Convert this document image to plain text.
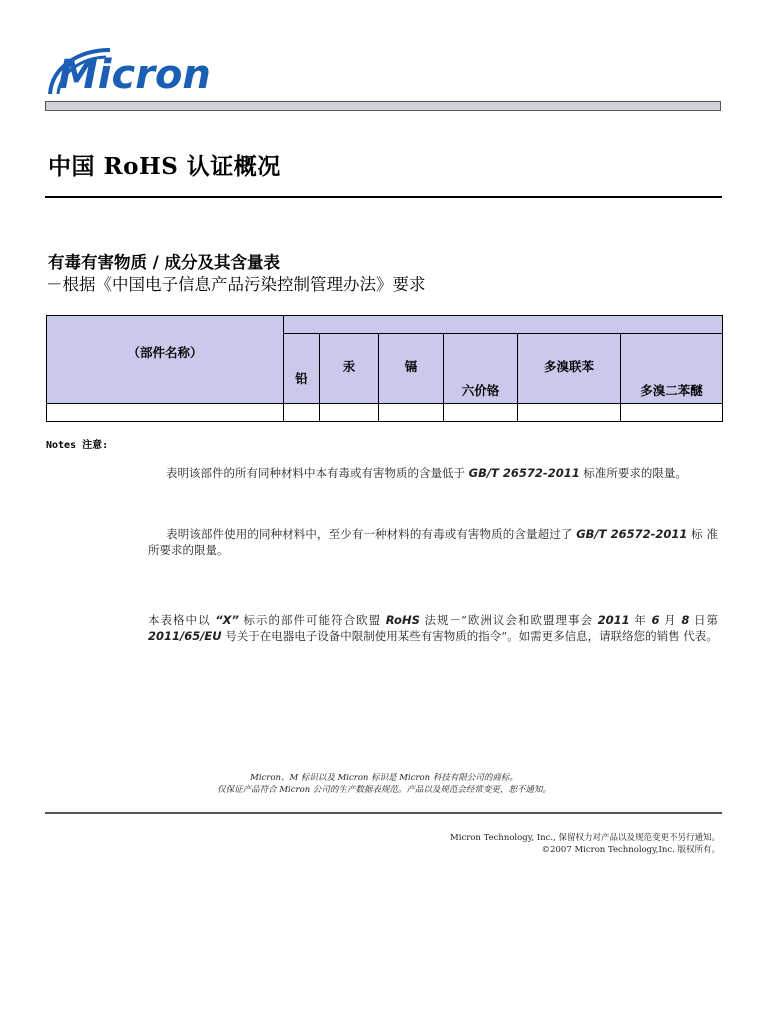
Micron
中国 RoHS 认证概况
有毒有害物质 / 成分及其含量表
－根据《中国电子信息产品污染控制管理办法》要求
（部件名称）						
	铅	汞	镉	六价铬	多溴联苯	多溴二苯醚

Notes 注意:
表明该部件的所有同种材料中本有毒或有害物质的含量低于 GB/T 26572-2011 标准所要求的限量。
表明该部件使用的同种材料中，至少有一种材料的有毒或有害物质的含量超过了 GB/T 26572-2011 标 准所要求的限量。
本表格中以 “X” 标示的部件可能符合欧盟 RoHS 法规－“欧洲议会和欧盟理事会 2011 年 6 月 8 日第 2011/65/EU 号关于在电器电子设备中限制使用某些有害物质的指令“。如需更多信息，请联络您的销售 代表。
Micron、M 标识以及 Micron 标识是 Micron 科技有限公司的商标。
仅保证产品符合 Micron 公司的生产数据表规范。产品以及规范会经常变更，恕不通知。
Micron Technology, Inc., 保留权力对产品以及规范变更不另行通知。
©2007 Micron Technology,Inc. 版权所有。
